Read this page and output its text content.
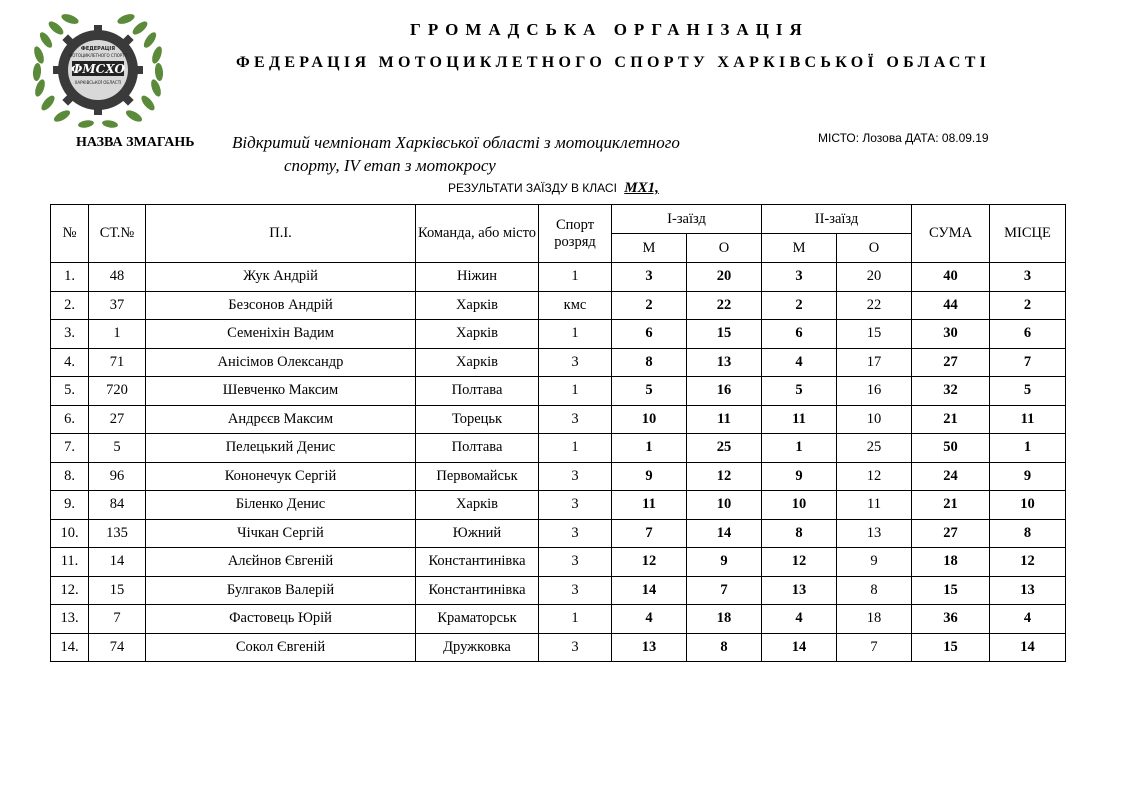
ФЕДЕРАЦІЯ
МОТОЦИКЛЕТНОГО СПОРТУ
ФМСХО
ХАРКІВСЬКОЇ ОБЛАСТІ
ГРОМАДСЬКА ОРГАНІЗАЦІЯ
ФЕДЕРАЦІЯ МОТОЦИКЛЕТНОГО СПОРТУ ХАРКІВСЬКОЇ ОБЛАСТІ
НАЗВА ЗМАГАНЬ Відкритий чемпіонат Харківської області з мотоциклетного
спорту, IV етап з мотокросу
МІСТО: Лозова ДАТА: 08.09.19
РЕЗУЛЬТАТИ ЗАЇЗДУ В КЛАСІ MX1,
№	СТ.№	П.І.	Команда, або місто	Спорт розряд	I-заїзд		II-заїзд		СУМА	МІСЦЕ
					М	О	М	О		
1.	48	Жук Андрій	Ніжин	1	3	20	3	20	40	3
2.	37	Безсонов Андрій	Харків	кмс	2	22	2	22	44	2
3.	1	Семеніхін Вадим	Харків	1	6	15	6	15	30	6
4.	71	Анісімов Олександр	Харків	3	8	13	4	17	27	7
5.	720	Шевченко Максим	Полтава	1	5	16	5	16	32	5
6.	27	Андрєєв Максим	Торецьк	3	10	11	11	10	21	11
7.	5	Пелецький Денис	Полтава	1	1	25	1	25	50	1
8.	96	Кононечук Сергій	Первомайськ	3	9	12	9	12	24	9
9.	84	Біленко Денис	Харків	3	11	10	10	11	21	10
10.	135	Чічкан Сергій	Южний	3	7	14	8	13	27	8
11.	14	Алєйнов Євгеній	Константинівка	3	12	9	12	9	18	12
12.	15	Булгаков Валерій	Константинівка	3	14	7	13	8	15	13
13.	7	Фастовець Юрій	Краматорськ	1	4	18	4	18	36	4
14.	74	Сокол Євгеній	Дружковка	3	13	8	14	7	15	14
